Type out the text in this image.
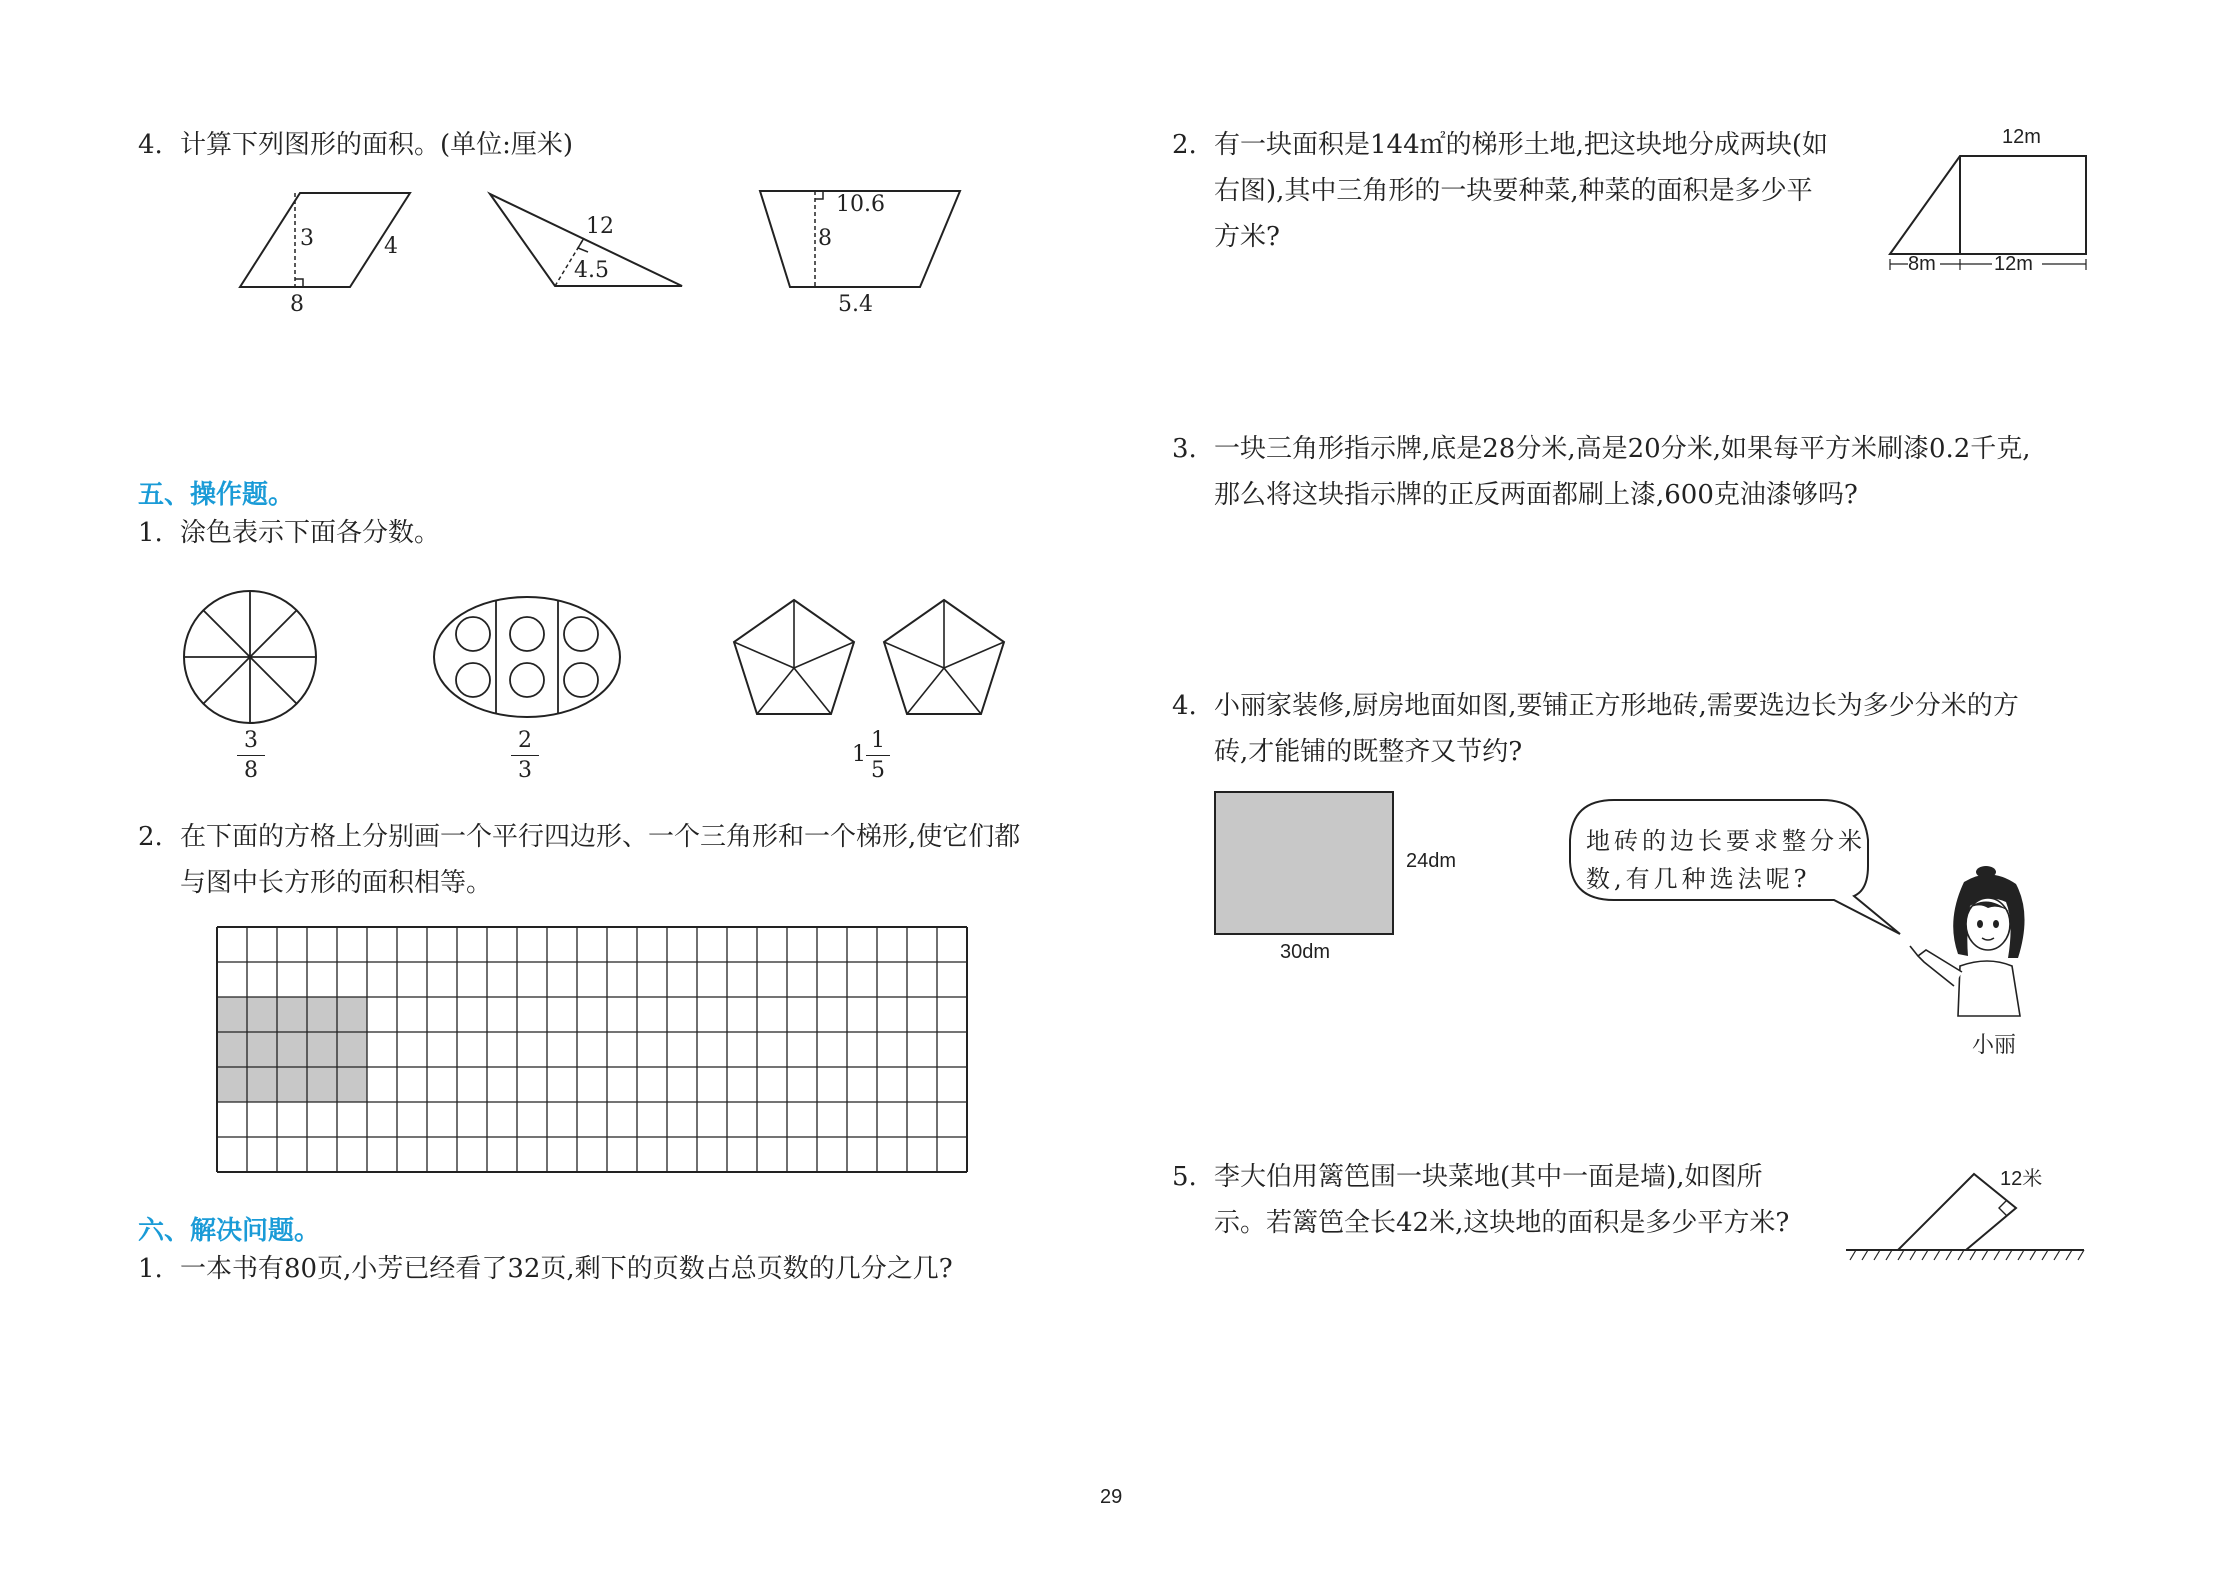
4. 计算下列图形的面积。(单位:厘米)
3	4
8
12
4.5
10.6
8
5.4
五、操作题。
1. 涂色表示下面各分数。
3
8
2
3
1
1
5
2. 在下面的方格上分别画一个平行四边形、一个三角形和一个梯形,使它们都
与图中长方形的面积相等。
六、解决问题。
1. 一本书有80页,小芳已经看了32页,剩下的页数占总页数的几分之几?
2. 有一块面积是144㎡的梯形土地,把这块地分成两块(如
右图),其中三角形的一块要种菜,种菜的面积是多少平
方米?
12m
8m	12m
3. 一块三角形指示牌,底是28分米,高是20分米,如果每平方米刷漆0.2千克,
那么将这块指示牌的正反两面都刷上漆,600克油漆够吗?
4. 小丽家装修,厨房地面如图,要铺正方形地砖,需要选边长为多少分米的方
砖,才能铺的既整齐又节约?
24dm
30dm
地砖的边长要求整分米
数,有几种选法呢?
小丽
5. 李大伯用篱笆围一块菜地(其中一面是墙),如图所
示。若篱笆全长42米,这块地的面积是多少平方米?
12米
29
